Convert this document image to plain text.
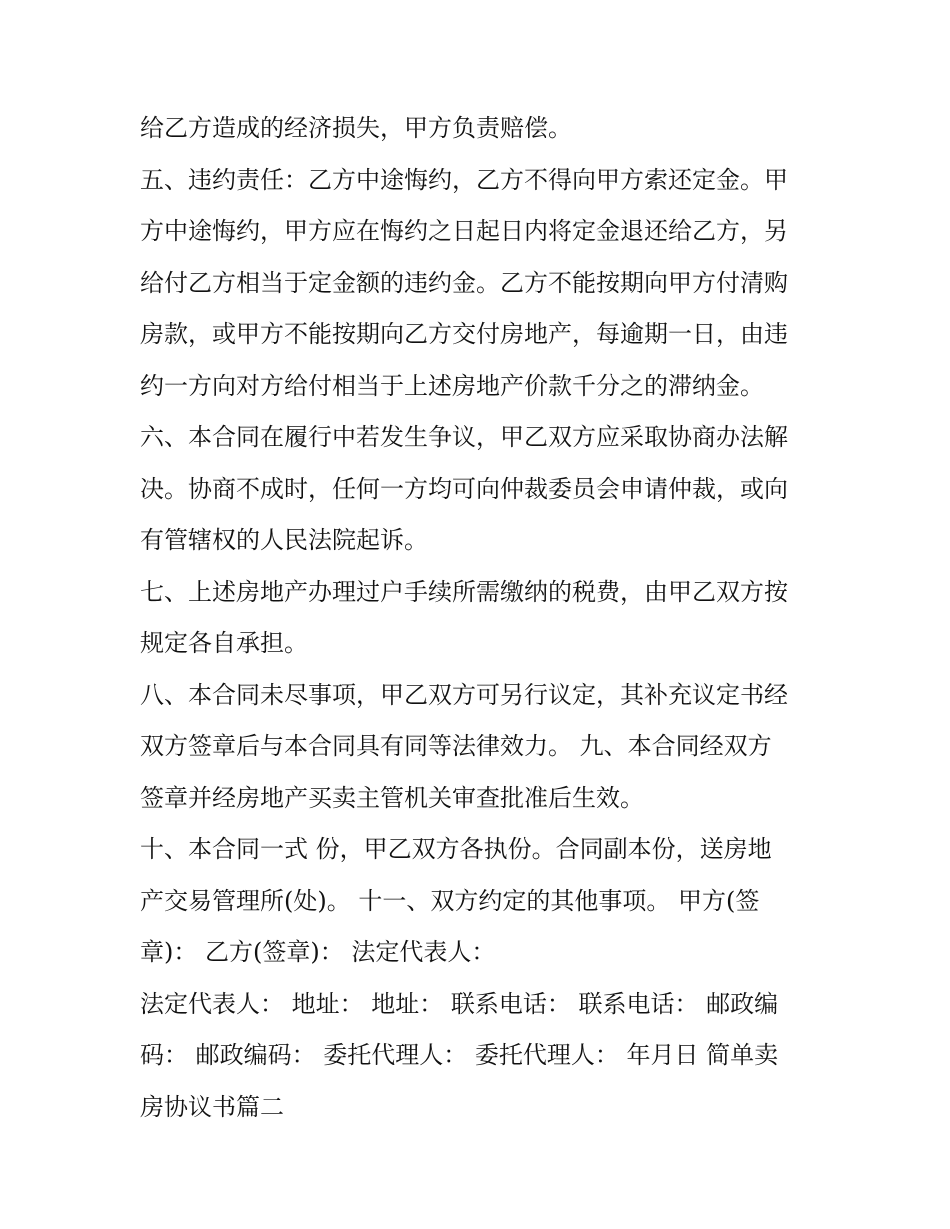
给乙方造成的经济损失，甲方负责赔偿。
五、违约责任：乙方中途悔约，乙方不得向甲方索还定金。甲
方中途悔约，甲方应在悔约之日起日内将定金退还给乙方，另
给付乙方相当于定金额的违约金。乙方不能按期向甲方付清购
房款，或甲方不能按期向乙方交付房地产，每逾期一日，由违
约一方向对方给付相当于上述房地产价款千分之的滞纳金。
六、本合同在履行中若发生争议，甲乙双方应采取协商办法解
决。协商不成时，任何一方均可向仲裁委员会申请仲裁，或向
有管辖权的人民法院起诉。
七、上述房地产办理过户手续所需缴纳的税费，由甲乙双方按
规定各自承担。
八、本合同未尽事项，甲乙双方可另行议定，其补充议定书经
双方签章后与本合同具有同等法律效力。 九、本合同经双方
签章并经房地产买卖主管机关审查批准后生效。
十、本合同一式 份，甲乙双方各执份。合同副本份，送房地
产交易管理所(处)。 十一、双方约定的其他事项。 甲方(签
章)： 乙方(签章)： 法定代表人：
法定代表人： 地址： 地址： 联系电话： 联系电话： 邮政编
码： 邮政编码： 委托代理人： 委托代理人： 年月日 简单卖
房协议书篇二
